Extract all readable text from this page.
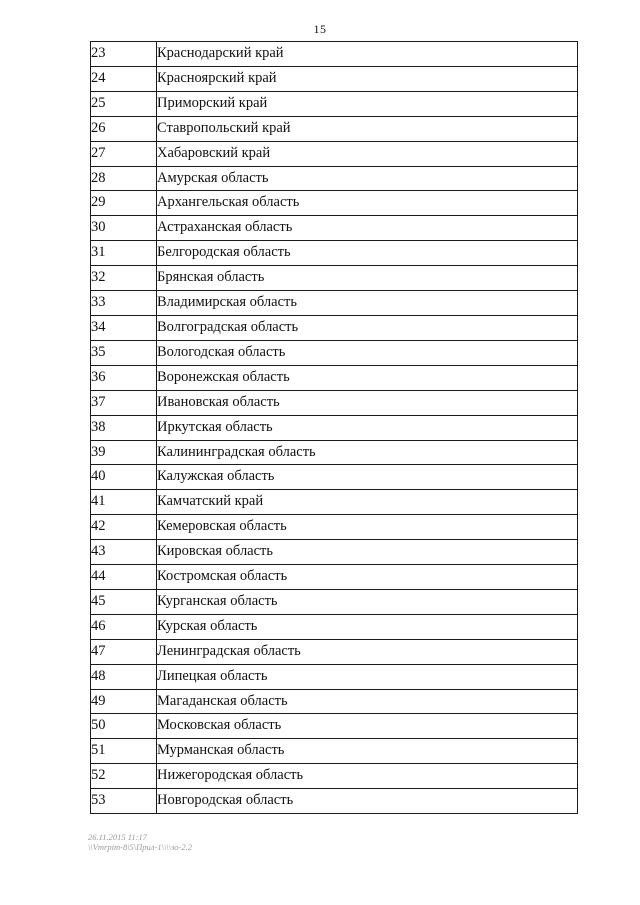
15
23	Краснодарский край
24	Красноярский край
25	Приморский край
26	Ставропольский край
27	Хабаровский край
28	Амурская область
29	Архангельская область
30	Астраханская область
31	Белгородская область
32	Брянская область
33	Владимирская область
34	Волгоградская область
35	Вологодская область
36	Воронежская область
37	Ивановская область
38	Иркутская область
39	Калининградская область
40	Калужская область
41	Камчатский край
42	Кемеровская область
43	Кировская область
44	Костромская область
45	Курганская область
46	Курская область
47	Ленинградская область
48	Липецкая область
49	Магаданская область
50	Московская область
51	Мурманская область
52	Нижегородская область
53	Новгородская область
26.11.2015 11:17
\\Vmrpim-8\5\Прил-1\\\\зо-2.2
